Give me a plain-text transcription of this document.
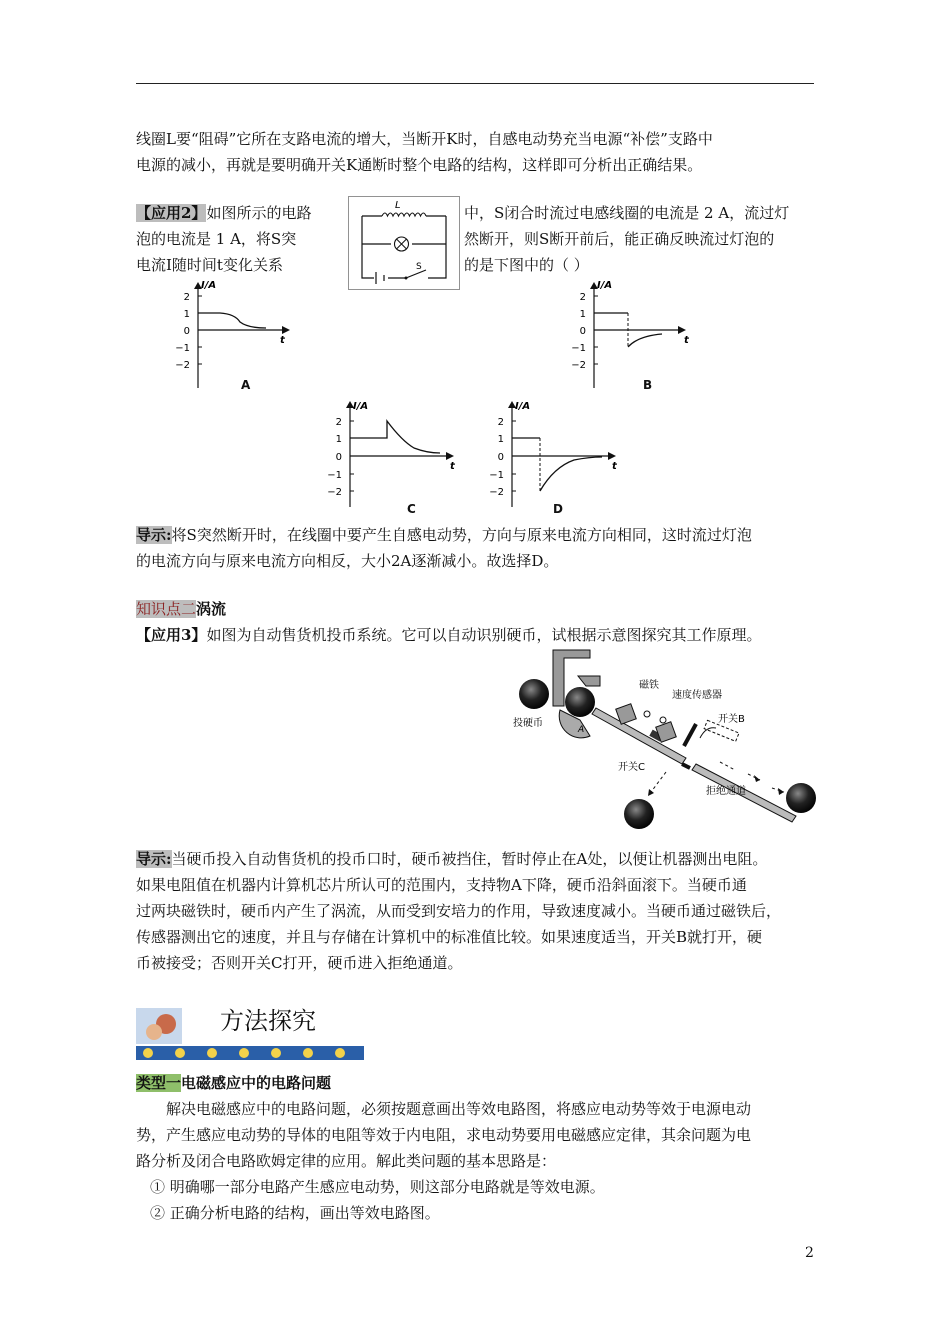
线圈L要“阻碍”它所在支路电流的增大，当断开K时，自感电动势充当电源“补偿”支路中
电源的减小，再就是要明确开关K通断时整个电路的结构，这样即可分析出正确结果。
【应用2】如图所示的电路
泡的电流是 1 A，将S突
电流I随时间t变化关系
L
S
中，S闭合时流过电感线圈的电流是 2 A，流过灯
然断开，则S断开前后，能正确反映流过灯泡的
的是下图中的（ ）
I/A
t
2
1
0
−1
−2
A
I/A
t
2
1
0
−1
−2
B
I/A
t
2
1
0
−1
−2
C
I/A
t
2
1
0
−1
−2
D
导示:将S突然断开时，在线圈中要产生自感电动势，方向与原来电流方向相同，这时流过灯泡
的电流方向与原来电流方向相反，大小2A逐渐减小。故选择D。
知识点二涡流
【应用3】如图为自动售货机投币系统。它可以自动识别硬币，试根据示意图探究其工作原理。
磁铁
速度传感器
开关B
投硬币
A
开关C
拒绝通道
导示:当硬币投入自动售货机的投币口时，硬币被挡住，暂时停止在A处，以便让机器测出电阻。
如果电阻值在机器内计算机芯片所认可的范围内，支持物A下降，硬币沿斜面滚下。当硬币通
过两块磁铁时，硬币内产生了涡流，从而受到安培力的作用，导致速度减小。当硬币通过磁铁后，
传感器测出它的速度，并且与存储在计算机中的标准值比较。如果速度适当，开关B就打开，硬
币被接受；否则开关C打开，硬币进入拒绝通道。
方法探究
类型一电磁感应中的电路问题
解决电磁感应中的电路问题，必须按题意画出等效电路图，将感应电动势等效于电源电动
势，产生感应电动势的导体的电阻等效于内电阻，求电动势要用电磁感应定律，其余问题为电
路分析及闭合电路欧姆定律的应用。解此类问题的基本思路是：
① 明确哪一部分电路产生感应电动势，则这部分电路就是等效电源。
② 正确分析电路的结构，画出等效电路图。
2
